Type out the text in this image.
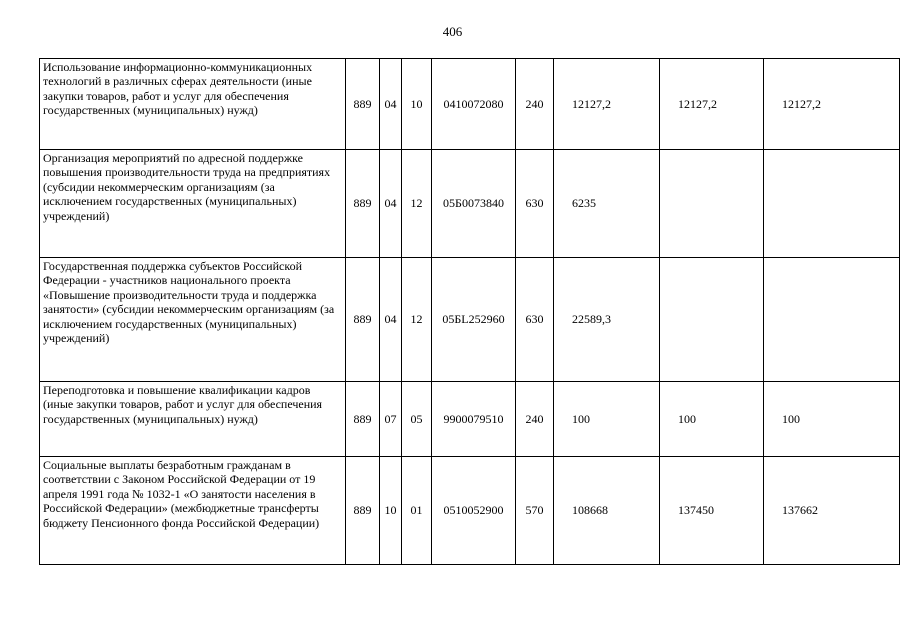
406
Использование информационно-коммуникационных технологий в различных сферах деятельности (иные закупки товаров, работ и услуг для обеспечения государственных (муниципальных) нужд)	889	04	10	0410072080	240	12127,2	12127,2	12127,2
Организация мероприятий по адресной поддержке повышения производительности труда на предприятиях (субсидии некоммерческим организациям (за исключением государственных (муниципальных) учреждений)	889	04	12	05Б0073840	630	6235		
Государственная поддержка субъектов Российской Федерации - участников национального проекта «Повышение производительности труда и поддержка занятости» (субсидии некоммерческим организациям (за исключением государственных (муниципальных) учреждений)	889	04	12	05БL252960	630	22589,3		
Переподготовка и повышение квалификации кадров (иные закупки товаров, работ и услуг для обеспечения государственных (муниципальных) нужд)	889	07	05	9900079510	240	100	100	100
Социальные выплаты безработным гражданам в соответствии с Законом Российской Федерации от 19 апреля 1991 года № 1032-1 «О занятости населения в Российской Федерации» (межбюджетные трансферты бюджету Пенсионного фонда Российской Федерации)	889	10	01	0510052900	570	108668	137450	137662
